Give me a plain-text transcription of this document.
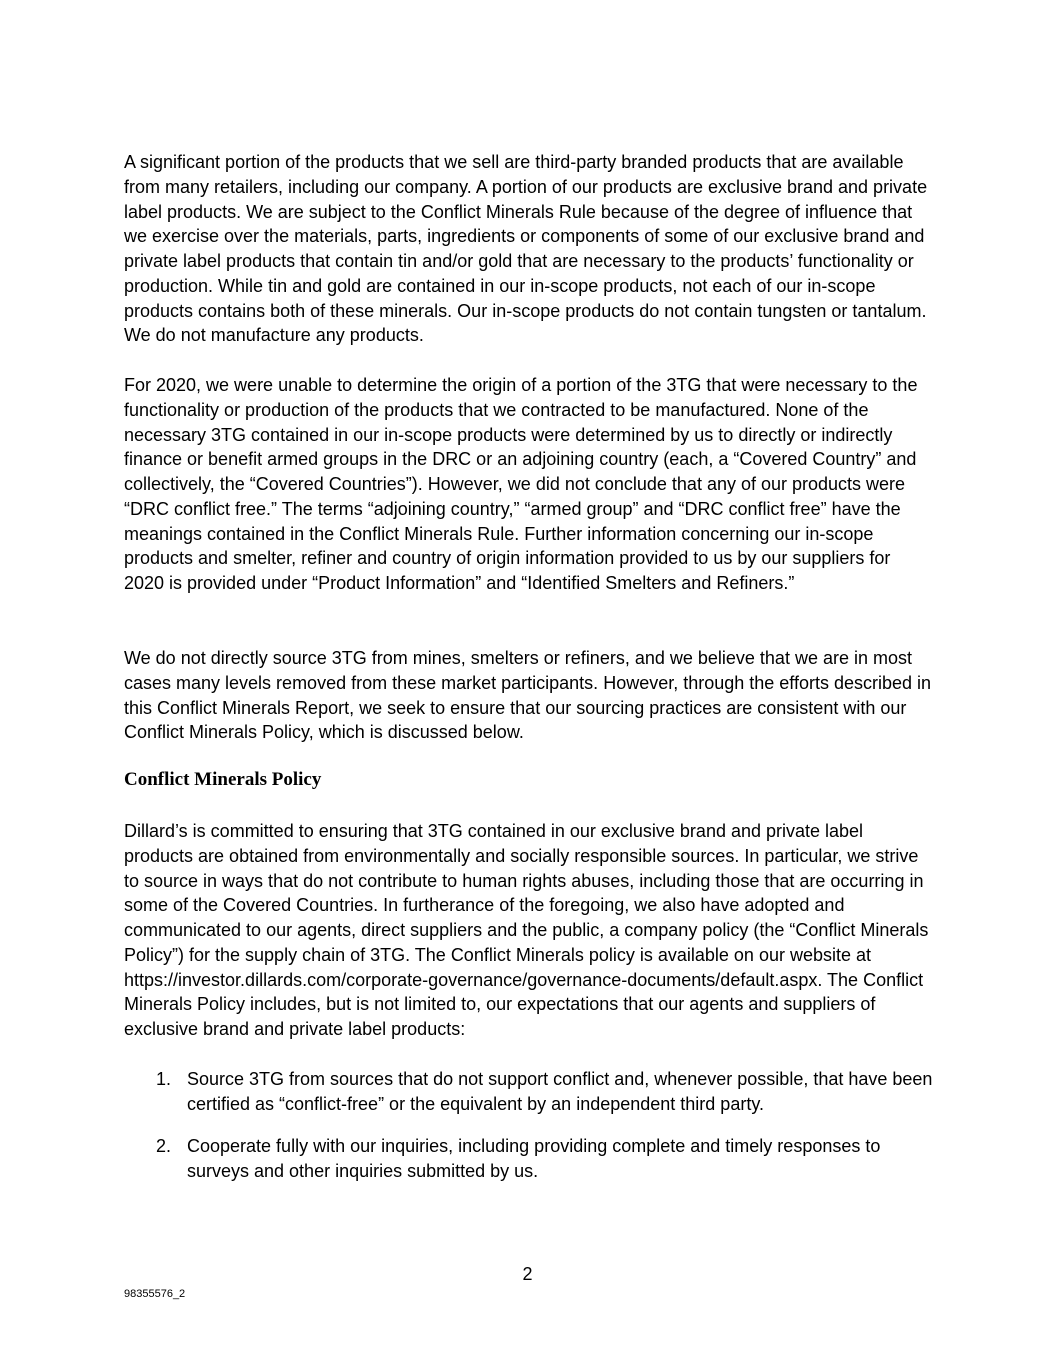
A significant portion of the products that we sell are third-party branded products that are available from many retailers, including our company. A portion of our products are exclusive brand and private label products. We are subject to the Conflict Minerals Rule because of the degree of influence that we exercise over the materials, parts, ingredients or components of some of our exclusive brand and private label products that contain tin and/or gold that are necessary to the products’ functionality or production. While tin and gold are contained in our in-scope products, not each of our in-scope products contains both of these minerals. Our in-scope products do not contain tungsten or tantalum. We do not manufacture any products.

For 2020, we were unable to determine the origin of a portion of the 3TG that were necessary to the functionality or production of the products that we contracted to be manufactured. None of the necessary 3TG contained in our in-scope products were determined by us to directly or indirectly finance or benefit armed groups in the DRC or an adjoining country (each, a “Covered Country” and collectively, the “Covered Countries”). However, we did not conclude that any of our products were “DRC conflict free.” The terms “adjoining country,” “armed group” and “DRC conflict free” have the meanings contained in the Conflict Minerals Rule. Further information concerning our in-scope products and smelter, refiner and country of origin information provided to us by our suppliers for 2020 is provided under “Product Information” and “Identified Smelters and Refiners.”

We do not directly source 3TG from mines, smelters or refiners, and we believe that we are in most cases many levels removed from these market participants. However, through the efforts described in this Conflict Minerals Report, we seek to ensure that our sourcing practices are consistent with our Conflict Minerals Policy, which is discussed below.

Conflict Minerals Policy

Dillard’s is committed to ensuring that 3TG contained in our exclusive brand and private label products are obtained from environmentally and socially responsible sources. In particular, we strive to source in ways that do not contribute to human rights abuses, including those that are occurring in some of the Covered Countries. In furtherance of the foregoing, we also have adopted and communicated to our agents, direct suppliers and the public, a company policy (the “Conflict Minerals Policy”) for the supply chain of 3TG. The Conflict Minerals policy is available on our website at https://investor.dillards.com/corporate-governance/governance-documents/default.aspx. The Conflict Minerals Policy includes, but is not limited to, our expectations that our agents and suppliers of exclusive brand and private label products:

1. Source 3TG from sources that do not support conflict and, whenever possible, that have been certified as “conflict-free” or the equivalent by an independent third party.
2. Cooperate fully with our inquiries, including providing complete and timely responses to surveys and other inquiries submitted by us.
2
98355576_2
